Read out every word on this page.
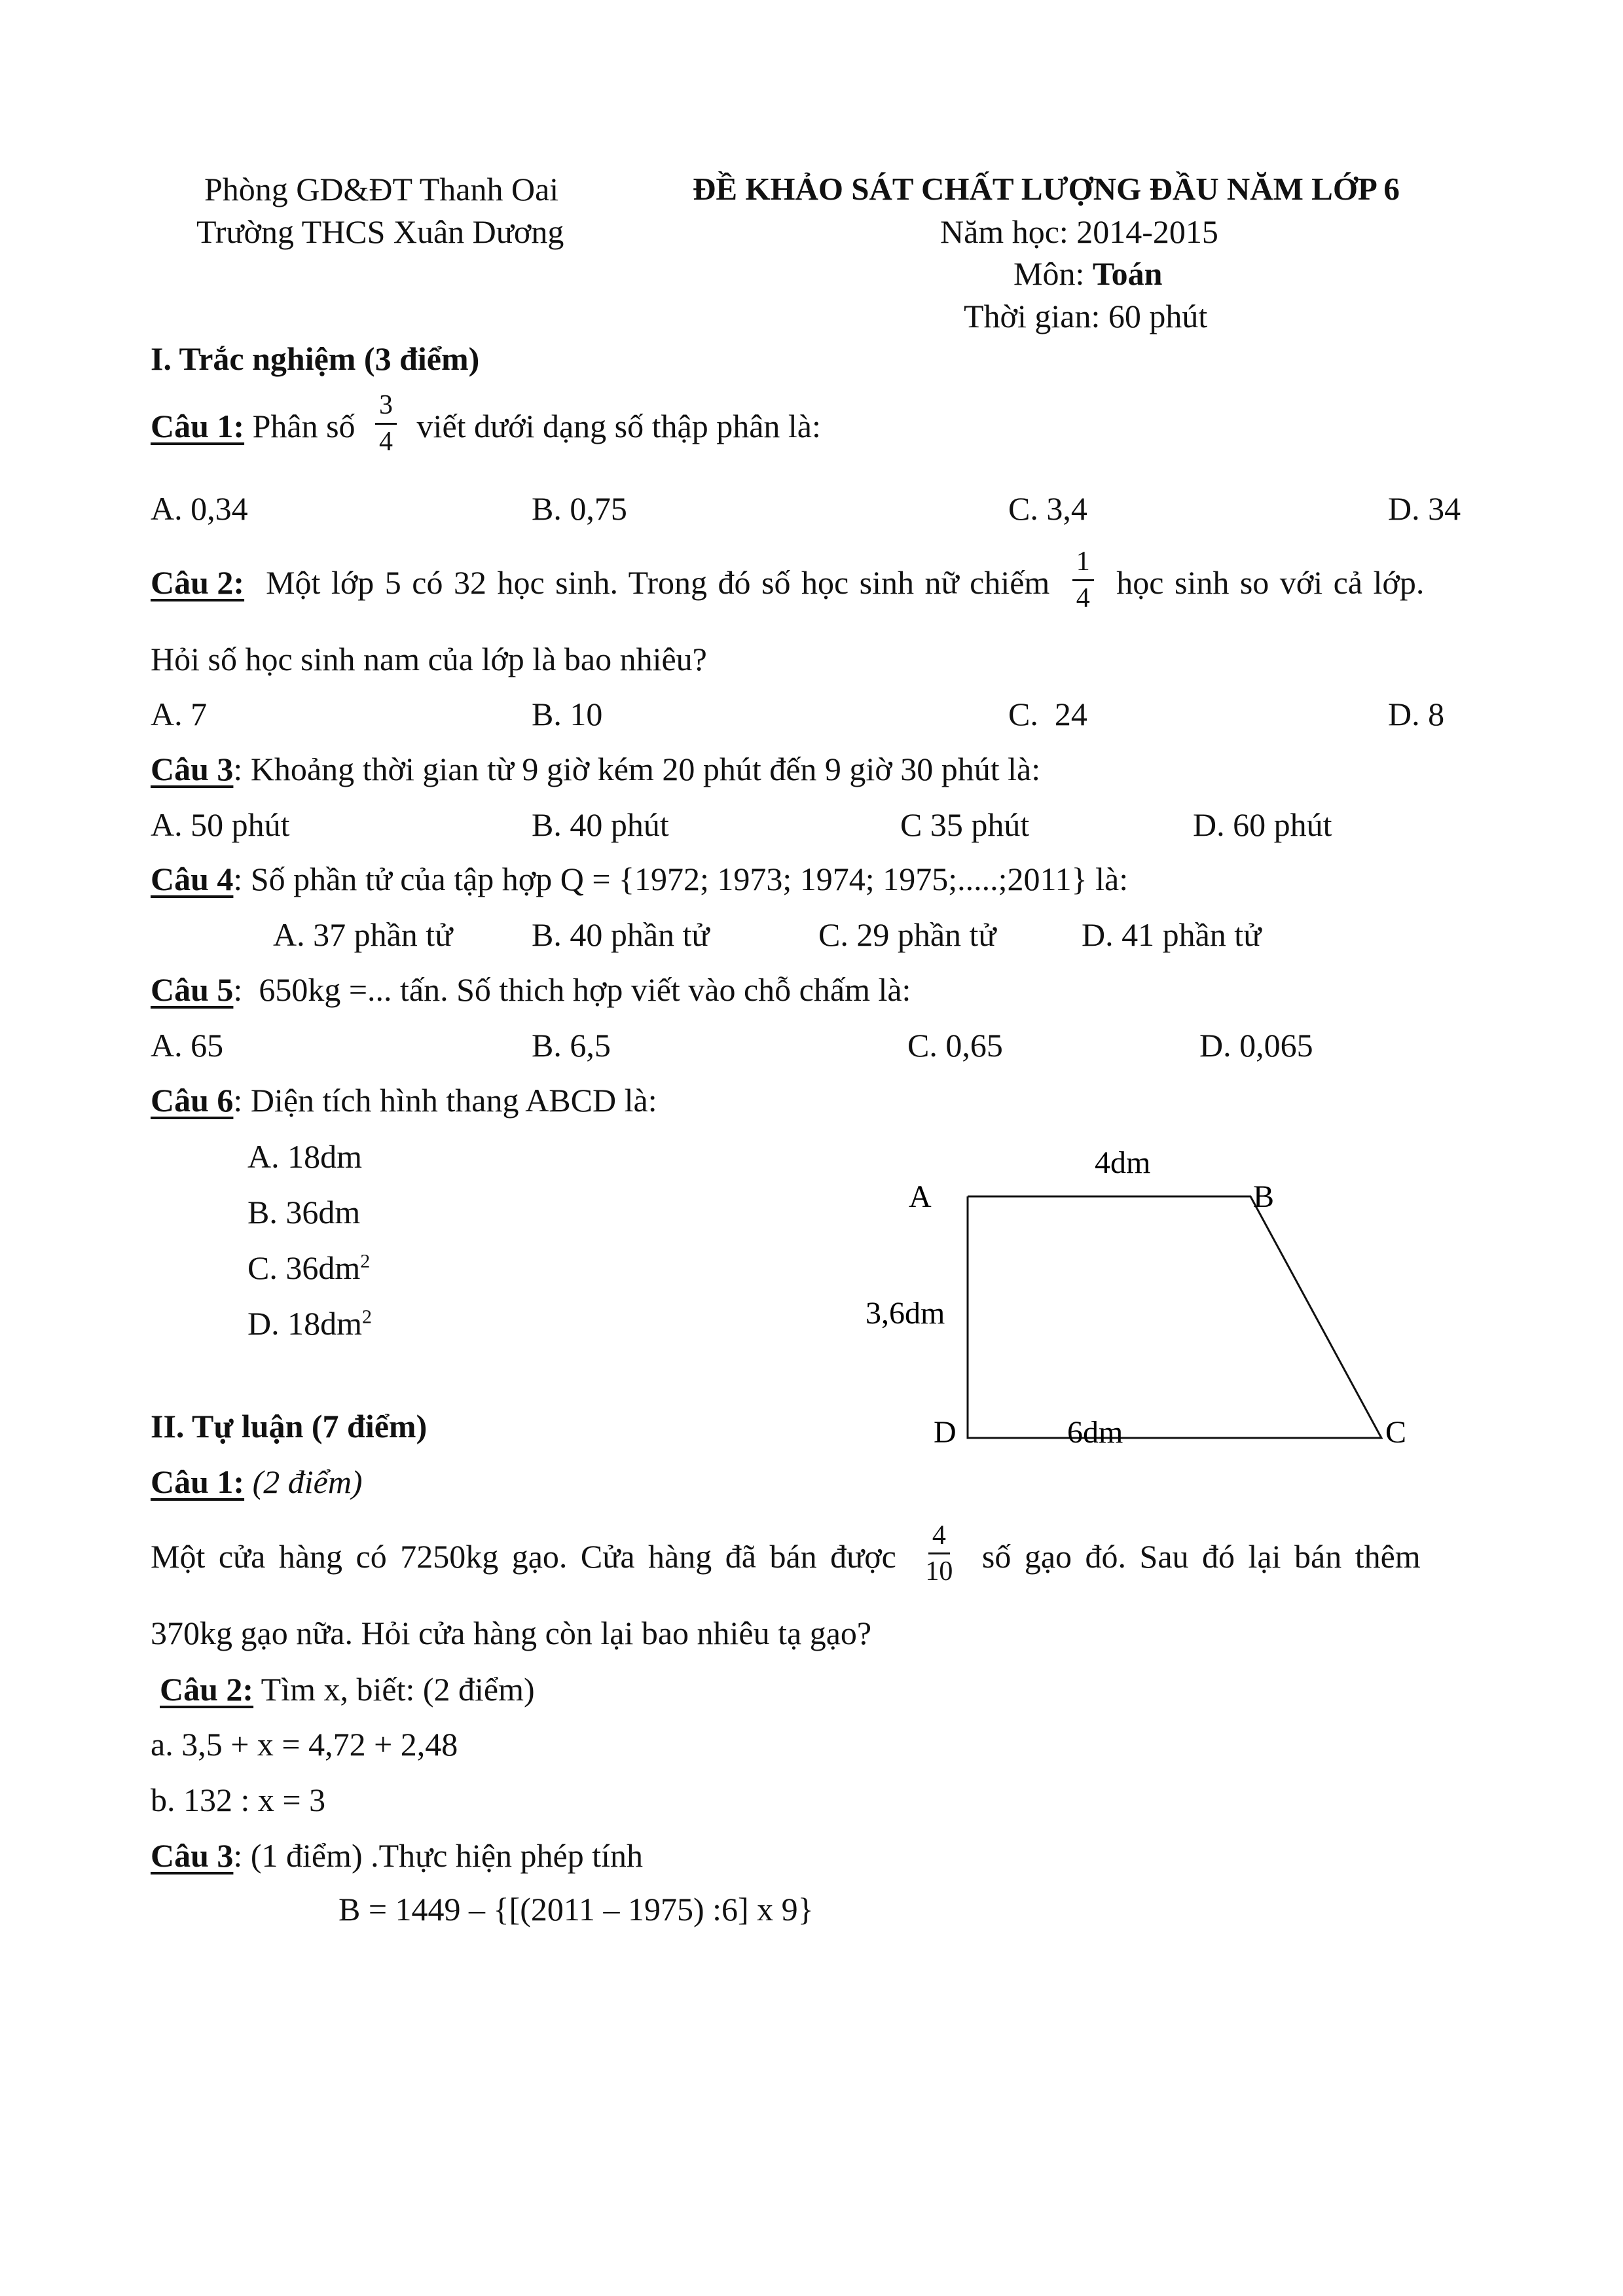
Phòng GD&ĐT Thanh Oai
Trường THCS Xuân Dương
ĐỀ KHẢO SÁT CHẤT LƯỢNG ĐẦU NĂM LỚP 6
Năm học: 2014-2015
Môn: Toán
Thời gian: 60 phút
I. Trắc nghiệm (3 điểm)
Câu 1: Phân số $\frac{3}{4}$ viết dưới dạng số thập phân là:
A. 0,34	B. 0,75	C. 3,4	D. 34
Câu 2: Một lớp 5 có 32 học sinh. Trong đó số học sinh nữ chiếm $\frac{1}{4}$ học sinh so với cả lớp.
Hỏi số học sinh nam của lớp là bao nhiêu?
A. 7	B. 10	C.  24	D. 8
Câu 3: Khoảng thời gian từ 9 giờ kém 20 phút đến 9 giờ 30 phút là:
A. 50 phút	B. 40 phút	C 35 phút	D. 60 phút
Câu 4: Số phần tử của tập hợp Q = {1972; 1973; 1974; 1975;.....;2011} là:
A. 37 phần tử B. 40 phần tử	C. 29 phần tử	D. 41 phần tử
Câu 5:  650kg =... tấn. Số thich hợp viết vào chỗ chấm là:
A. 65	B. 6,5	C. 0,65	D. 0,065
Câu 6: Diện tích hình thang ABCD là:
A. 18dm
B. 36dm
C. $36dm^2$
D. $18dm^2$
4dm
A	B
3,6dm
D	6dm	C
II. Tự luận (7 điểm)
Câu 1: (2 điểm)
Một cửa hàng có 7250kg gạo. Cửa hàng đã bán được $\frac{4}{10}$ số gạo đó. Sau đó lại bán thêm
370kg gạo nữa. Hỏi cửa hàng còn lại bao nhiêu tạ gạo?
Câu 2: Tìm x, biết: (2 điểm)
a. 3,5 + x = 4,72 + 2,48
b. 132 : x = 3
Câu 3: (1 điểm) .Thực hiện phép tính
B = 1449 – {[(2011 – 1975) :6] x 9}
